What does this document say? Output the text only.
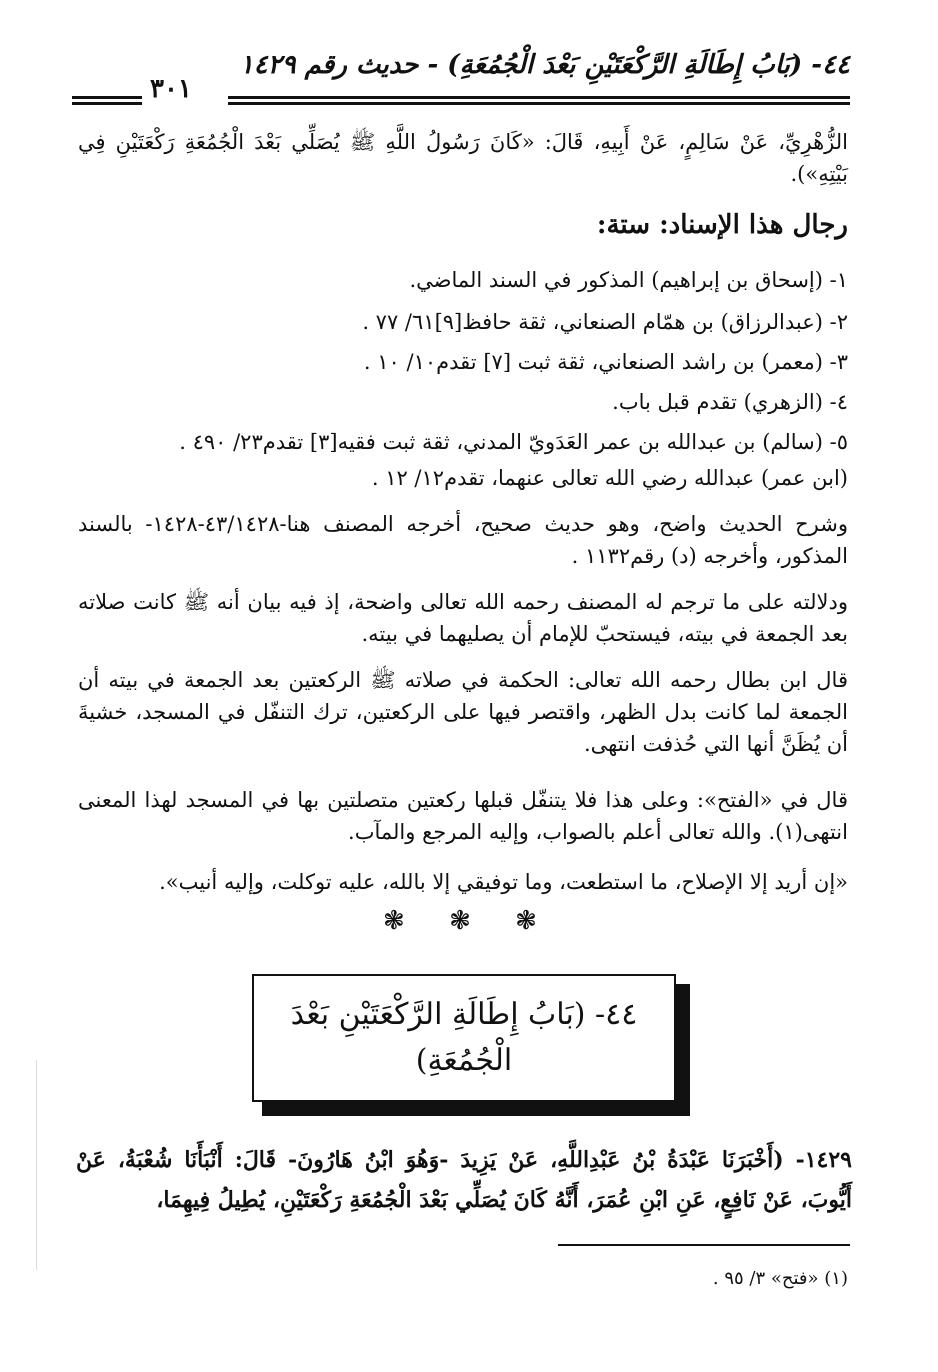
٤٤- (بَابُ إِطَالَةِ الرَّكْعَتَيْنِ بَعْدَ الْجُمُعَةِ) - حديث رقم ١٤٢٩
٣٠١
الزُّهْرِيِّ، عَنْ سَالِمٍ، عَنْ أَبِيهِ، قَالَ: «كَانَ رَسُولُ اللَّهِ ﷺ يُصَلِّي بَعْدَ الْجُمُعَةِ رَكْعَتَيْنِ فِي بَيْتِهِ»).
رجال هذا الإسناد: ستة:
١- (إسحاق بن إبراهيم) المذكور في السند الماضي.
٢- (عبدالرزاق) بن همّام الصنعاني، ثقة حافظ[٩]٦١/ ٧٧ .
٣- (معمر) بن راشد الصنعاني، ثقة ثبت [٧] تقدم١٠/ ١٠ .
٤- (الزهري) تقدم قبل باب.
٥- (سالم) بن عبدالله بن عمر العَدَويّ المدني، ثقة ثبت فقيه[٣] تقدم٢٣/ ٤٩٠ .
(ابن عمر) عبدالله رضي الله تعالى عنهما، تقدم١٢/ ١٢ .
وشرح الحديث واضح، وهو حديث صحيح، أخرجه المصنف هنا-٤٣/١٤٢٨-١٤٢٨- بالسند المذكور، وأخرجه (د) رقم١١٣٢ .
ودلالته على ما ترجم له المصنف رحمه الله تعالى واضحة، إذ فيه بيان أنه ﷺ كانت صلاته بعد الجمعة في بيته، فيستحبّ للإمام أن يصليهما في بيته.
قال ابن بطال رحمه الله تعالى: الحكمة في صلاته ﷺ الركعتين بعد الجمعة في بيته أن الجمعة لما كانت بدل الظهر، واقتصر فيها على الركعتين، ترك التنفّل في المسجد، خشيةَ أن يُظَنَّ أنها التي حُذفت انتهى.
قال في «الفتح»: وعلى هذا فلا يتنفّل قبلها ركعتين متصلتين بها في المسجد لهذا المعنى انتهى(١). والله تعالى أعلم بالصواب، وإليه المرجع والمآب.
«إن أريد إلا الإصلاح، ما استطعت، وما توفيقي إلا بالله، عليه توكلت، وإليه أنيب».
❃ ❃ ❃
٤٤- (بَابُ إِطَالَةِ الرَّكْعَتَيْنِ بَعْدَ الْجُمُعَةِ)
١٤٢٩- (أَخْبَرَنَا عَبْدَةُ بْنُ عَبْدِاللَّهِ، عَنْ يَزِيدَ -وَهُوَ ابْنُ هَارُونَ- قَالَ: أَنْبَأَنَا شُعْبَةُ، عَنْ أَيُّوبَ، عَنْ نَافِعٍ، عَنِ ابْنِ عُمَرَ، أَنَّهُ كَانَ يُصَلِّي بَعْدَ الْجُمُعَةِ رَكْعَتَيْنِ، يُطِيلُ فِيهِمَا،
(١) «فتح» ٣/ ٩٥ .
